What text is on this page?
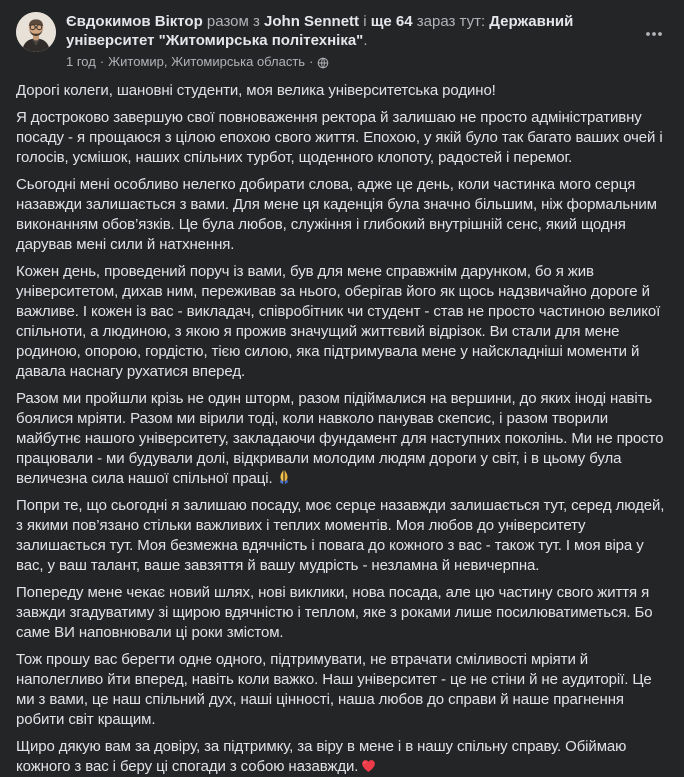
Євдокимов Віктор разом з John Sennett і ще 64 зараз тут: Державний університет "Житомирська політехніка".
1 год · Житомир, Житомирська область ·

Дорогі колеги, шановні студенти, моя велика університетська родино!

Я достроково завершую свої повноваження ректора й залишаю не просто адміністративну посаду - я прощаюся з цілою епохою свого життя. Епохою, у якій було так багато ваших очей і голосів, усмішок, наших спільних турбот, щоденного клопоту, радостей і перемог.

Сьогодні мені особливо нелегко добирати слова, адже це день, коли частинка мого серця назавжди залишається з вами. Для мене ця каденція була значно більшим, ніж формальним виконанням обов’язків. Це була любов, служіння і глибокий внутрішній сенс, який щодня дарував мені сили й натхнення.

Кожен день, проведений поруч із вами, був для мене справжнім дарунком, бо я жив університетом, дихав ним, переживав за нього, оберігав його як щось надзвичайно дороге й важливе. І кожен із вас - викладач, співробітник чи студент - став не просто частиною великої спільноти, а людиною, з якою я прожив значущий життєвий відрізок. Ви стали для мене родиною, опорою, гордістю, тією силою, яка підтримувала мене у найскладніші моменти й давала наснагу рухатися вперед.

Разом ми пройшли крізь не один шторм, разом підіймалися на вершини, до яких іноді навіть боялися мріяти. Разом ми вірили тоді, коли навколо панував скепсис, і разом творили майбутнє нашого університету, закладаючи фундамент для наступних поколінь. Ми не просто працювали - ми будували долі, відкривали молодим людям дороги у світ, і в цьому була величезна сила нашої спільної праці.

Попри те, що сьогодні я залишаю посаду, моє серце назавжди залишається тут, серед людей, з якими пов’язано стільки важливих і теплих моментів. Моя любов до університету залишається тут. Моя безмежна вдячність і повага до кожного з вас - також тут. І моя віра у вас, у ваш талант, ваше завзяття й вашу мудрість - незламна й невичерпна.

Попереду мене чекає новий шлях, нові виклики, нова посада, але цю частину свого життя я завжди згадуватиму зі щирою вдячністю і теплом, яке з роками лише посилюватиметься. Бо саме ВИ наповнювали ці роки змістом.

Тож прошу вас берегти одне одного, підтримувати, не втрачати сміливості мріяти й наполегливо йти вперед, навіть коли важко. Наш університет - це не стіни й не аудиторії. Це ми з вами, це наш спільний дух, наші цінності, наша любов до справи й наше прагнення робити світ кращим.

Щиро дякую вам за довіру, за підтримку, за віру в мене і в нашу спільну справу. Обіймаю кожного з вас і беру ці спогади з собою назавжди.
